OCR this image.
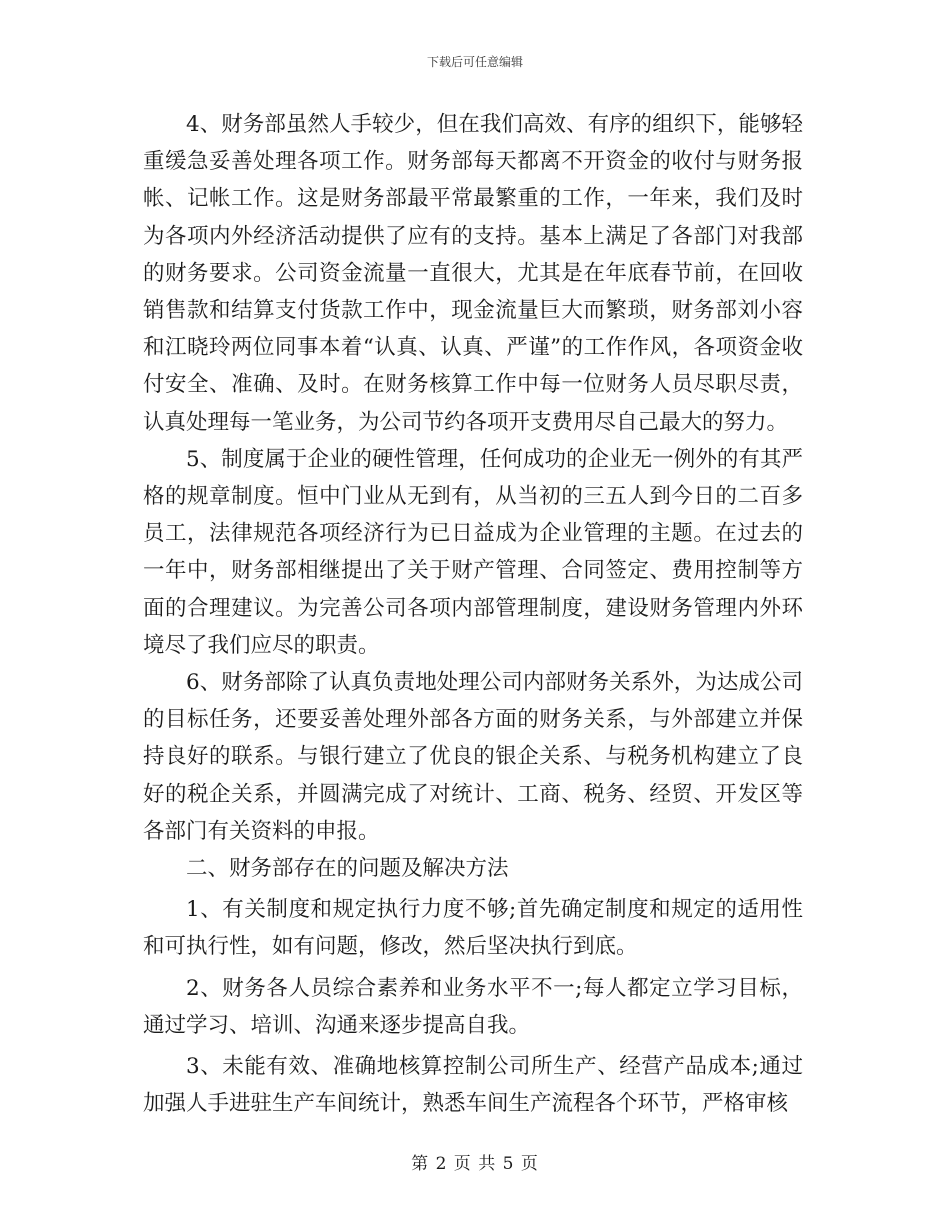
下载后可任意编辑

4、财务部虽然人手较少，但在我们高效、有序的组织下，能够轻重缓急妥善处理各项工作。财务部每天都离不开资金的收付与财务报帐、记帐工作。这是财务部最平常最繁重的工作，一年来，我们及时为各项内外经济活动提供了应有的支持。基本上满足了各部门对我部的财务要求。公司资金流量一直很大，尤其是在年底春节前，在回收销售款和结算支付货款工作中，现金流量巨大而繁琐，财务部刘小容和江晓玲两位同事本着“认真、认真、严谨”的工作作风，各项资金收付安全、准确、及时。在财务核算工作中每一位财务人员尽职尽责，认真处理每一笔业务，为公司节约各项开支费用尽自己最大的努力。

5、制度属于企业的硬性管理，任何成功的企业无一例外的有其严格的规章制度。恒中门业从无到有，从当初的三五人到今日的二百多员工，法律规范各项经济行为已日益成为企业管理的主题。在过去的一年中，财务部相继提出了关于财产管理、合同签定、费用控制等方面的合理建议。为完善公司各项内部管理制度，建设财务管理内外环境尽了我们应尽的职责。

6、财务部除了认真负责地处理公司内部财务关系外，为达成公司的目标任务，还要妥善处理外部各方面的财务关系，与外部建立并保持良好的联系。与银行建立了优良的银企关系、与税务机构建立了良好的税企关系，并圆满完成了对统计、工商、税务、经贸、开发区等各部门有关资料的申报。

二、财务部存在的问题及解决方法

1、有关制度和规定执行力度不够;首先确定制度和规定的适用性和可执行性，如有问题，修改，然后坚决执行到底。

2、财务各人员综合素养和业务水平不一;每人都定立学习目标，通过学习、培训、沟通来逐步提高自我。

3、未能有效、准确地核算控制公司所生产、经营产品成本;通过加强人手进驻生产车间统计，熟悉车间生产流程各个环节，严格审核

第 2 页 共 5 页
